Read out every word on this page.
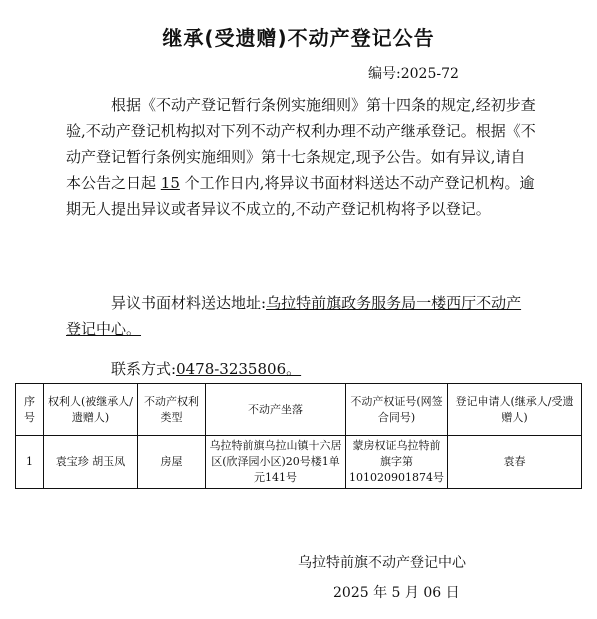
继承(受遗赠)不动产登记公告
编号:2025-72
根据《不动产登记暂行条例实施细则》第十四条的规定,经初步查验,不动产登记机构拟对下列不动产权利办理不动产继承登记。根据《不动产登记暂行条例实施细则》第十七条规定,现予公告。如有异议,请自本公告之日起 15 个工作日内,将异议书面材料送达不动产登记机构。逾期无人提出异议或者异议不成立的,不动产登记机构将予以登记。
异议书面材料送达地址:乌拉特前旗政务服务局一楼西厅不动产登记中心。
联系方式:0478-3235806。
序号	权利人(被继承人/遗赠人)	不动产权利类型	不动产坐落	不动产权证号(网签合同号)	登记申请人(继承人/受遗赠人)
1	袁宝珍 胡玉凤	房屋	乌拉特前旗乌拉山镇十六居区(欣泽园小区)20号楼1单元141号	蒙房权证乌拉特前旗字第101020901874号	袁春
乌拉特前旗不动产登记中心
2025 年 5 月 06 日
